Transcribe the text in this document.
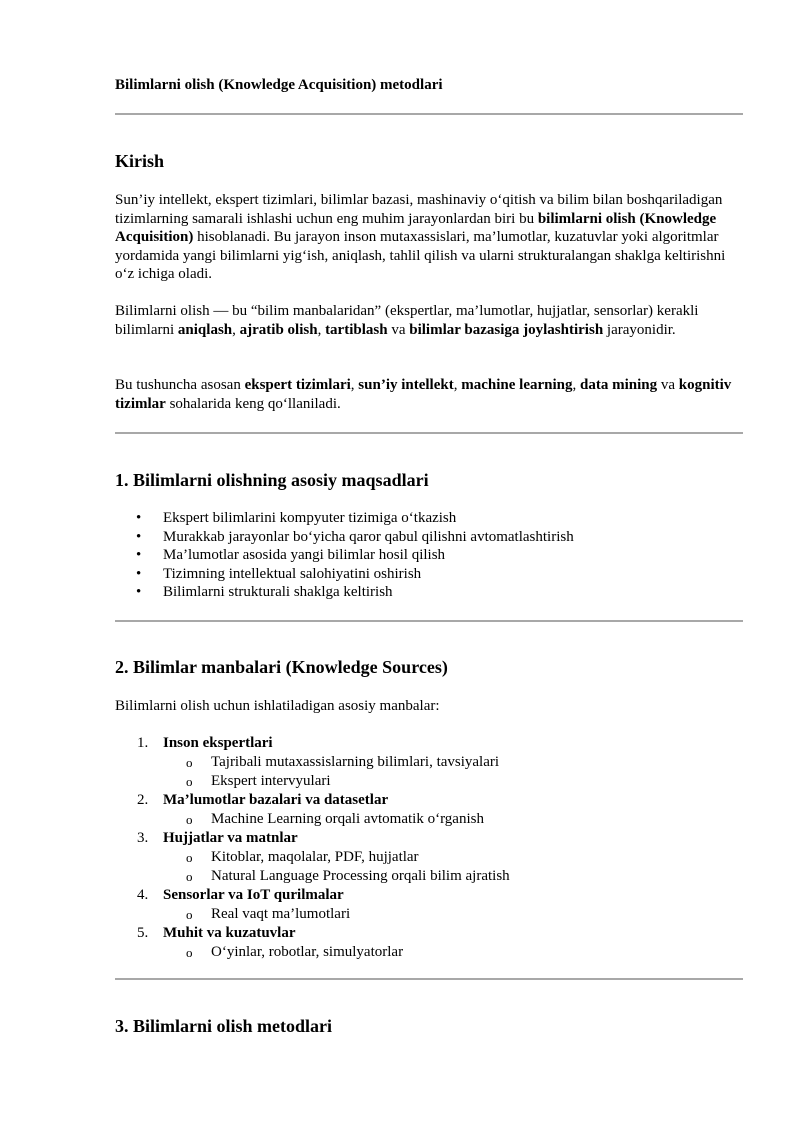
Bilimlarni olish (Knowledge Acquisition) metodlari
Kirish
Sun’iy intellekt, ekspert tizimlari, bilimlar bazasi, mashinaviy o‘qitish va bilim bilan boshqariladigan tizimlarning samarali ishlashi uchun eng muhim jarayonlardan biri bu bilimlarni olish (Knowledge Acquisition) hisoblanadi. Bu jarayon inson mutaxassislari, ma’lumotlar, kuzatuvlar yoki algoritmlar yordamida yangi bilimlarni yig‘ish, aniqlash, tahlil qilish va ularni strukturalangan shaklga keltirishni o‘z ichiga oladi.
Bilimlarni olish — bu “bilim manbalaridan” (ekspertlar, ma’lumotlar, hujjatlar, sensorlar) kerakli bilimlarni aniqlash, ajratib olish, tartiblash va bilimlar bazasiga joylashtirish jarayonidir.
Bu tushuncha asosan ekspert tizimlari, sun’iy intellekt, machine learning, data mining va kognitiv tizimlar sohalarida keng qo‘llaniladi.
1. Bilimlarni olishning asosiy maqsadlari
• Ekspert bilimlarini kompyuter tizimiga o‘tkazish
• Murakkab jarayonlar bo‘yicha qaror qabul qilishni avtomatlashtirish
• Ma’lumotlar asosida yangi bilimlar hosil qilish
• Tizimning intellektual salohiyatini oshirish
• Bilimlarni strukturali shaklga keltirish
2. Bilimlar manbalari (Knowledge Sources)
Bilimlarni olish uchun ishlatiladigan asosiy manbalar:
1. Inson ekspertlari
o Tajribali mutaxassislarning bilimlari, tavsiyalari
o Ekspert intervyulari
2. Ma’lumotlar bazalari va datasetlar
o Machine Learning orqali avtomatik o‘rganish
3. Hujjatlar va matnlar
o Kitoblar, maqolalar, PDF, hujjatlar
o Natural Language Processing orqali bilim ajratish
4. Sensorlar va IoT qurilmalar
o Real vaqt ma’lumotlari
5. Muhit va kuzatuvlar
o O‘yinlar, robotlar, simulyatorlar
3. Bilimlarni olish metodlari
